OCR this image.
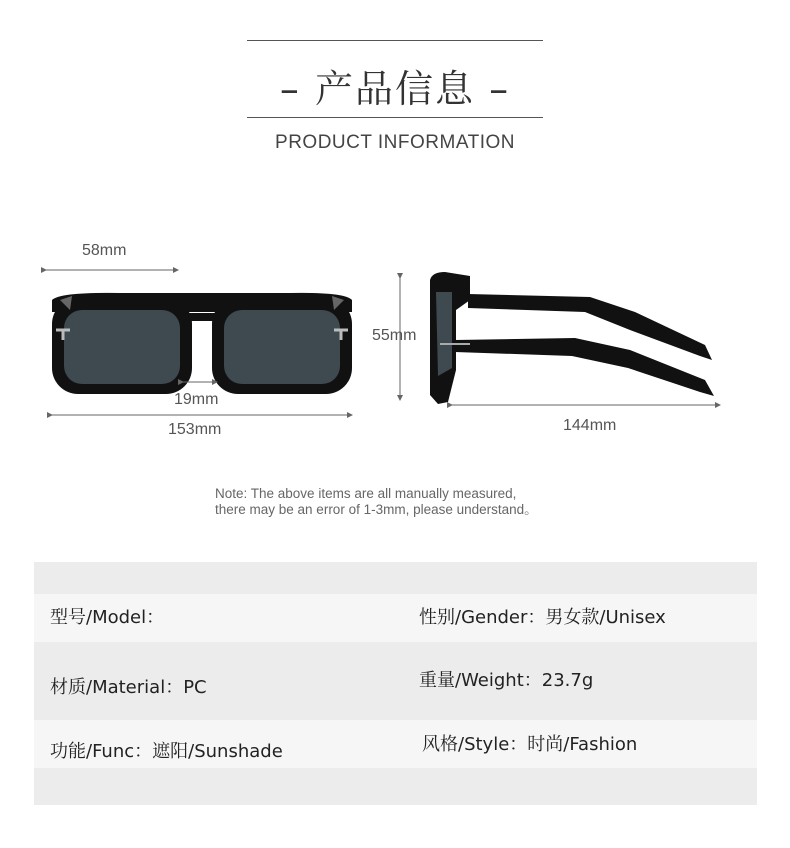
– 产品信息 –
PRODUCT INFORMATION
58mm
19mm
153mm
55mm
144mm
Note: The above items are all manually measured,
there may be an error of 1-3mm, please understand。
型号/Model：	性别/Gender：男女款/Unisex
材质/Material：PC	重量/Weight：23.7g
功能/Func：遮阳/Sunshade	风格/Style：时尚/Fashion
